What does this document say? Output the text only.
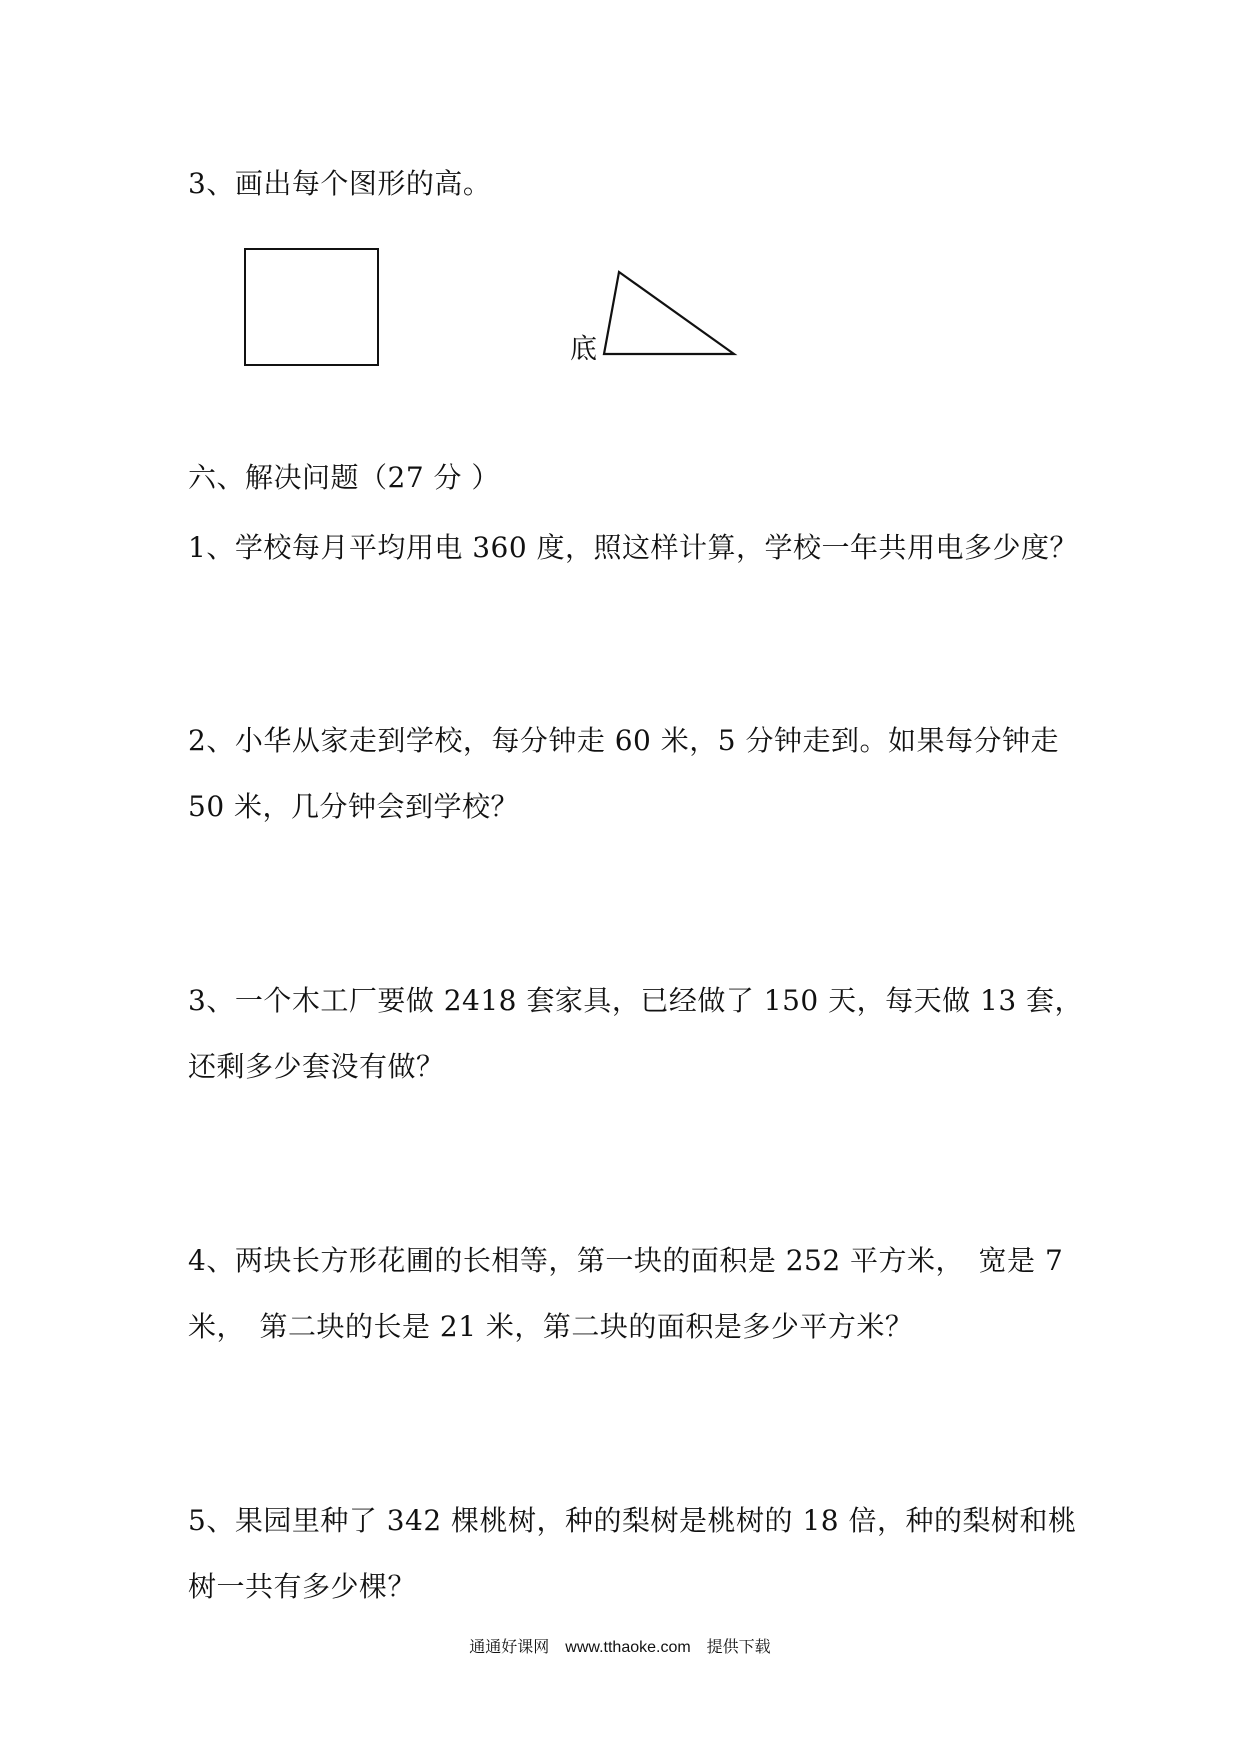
3、画出每个图形的高。
底
六、解决问题（27 分 ）
1、学校每月平均用电 360 度，照这样计算，学校一年共用电多少度？
2、小华从家走到学校，每分钟走 60 米，5 分钟走到。如果每分钟走
50 米，几分钟会到学校？
3、一个木工厂要做 2418 套家具，已经做了 150 天，每天做 13 套，
还剩多少套没有做？
4、两块长方形花圃的长相等，第一块的面积是 252 平方米，　宽是 7
米，　第二块的长是 21 米，第二块的面积是多少平方米？
5、果园里种了 342 棵桃树，种的梨树是桃树的 18 倍，种的梨树和桃
树一共有多少棵？
通通好课网　www.tthaoke.com　提供下载
